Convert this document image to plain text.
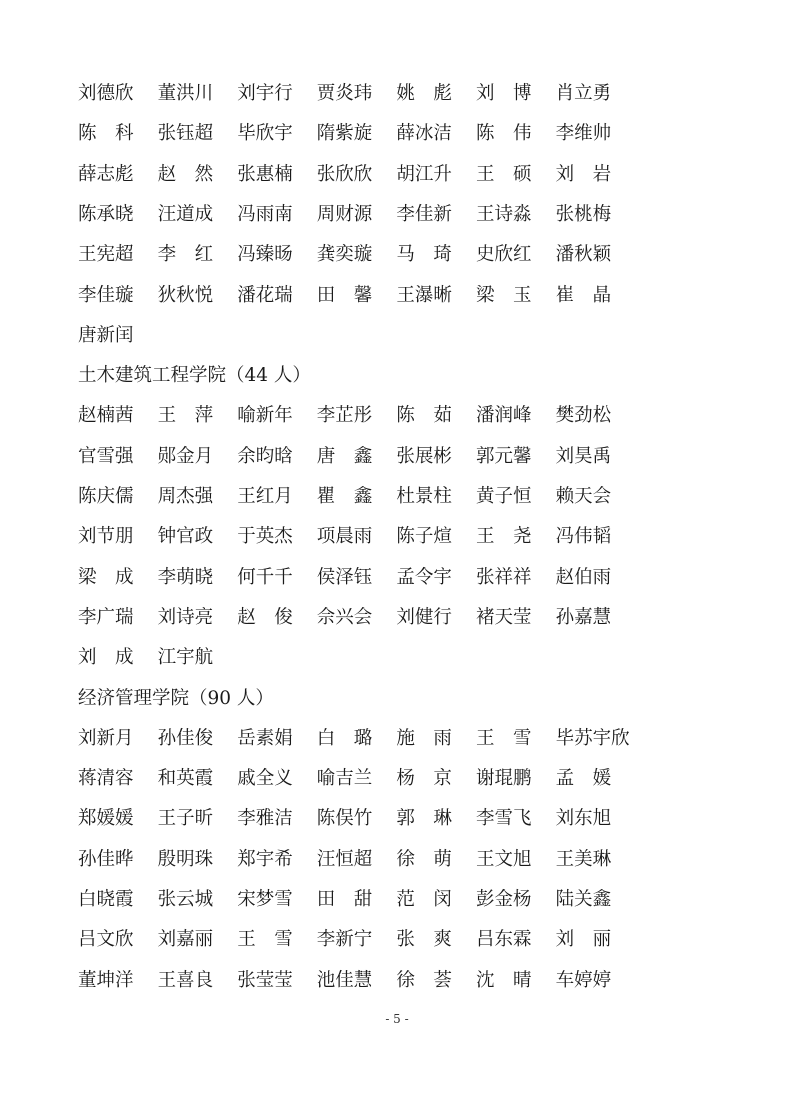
刘德欣	董洪川	刘宇行	贾炎玮	姚　彪	刘　博	肖立勇
陈　科	张钰超	毕欣宇	隋紫旋	薛冰洁	陈　伟	李维帅
薛志彪	赵　然	张惠楠	张欣欣	胡江升	王　硕	刘　岩
陈承晓	汪道成	冯雨南	周财源	李佳新	王诗淼	张桃梅
王宪超	李　红	冯臻旸	龚奕璇	马　琦	史欣红	潘秋颖
李佳璇	狄秋悦	潘花瑞	田　馨	王瀑晰	梁　玉	崔　晶
唐新闰
土木建筑工程学院（44 人）
赵楠茜	王　萍	喻新年	李芷彤	陈　茹	潘润峰	樊劲松
官雪强	郧金月	余昀晗	唐　鑫	张展彬	郭元馨	刘昊禹
陈庆儒	周杰强	王红月	瞿　鑫	杜景柱	黄子恒	赖天会
刘节朋	钟官政	于英杰	项晨雨	陈子煊	王　尧	冯伟韬
梁　成	李萌晓	何千千	侯泽钰	孟令宇	张祥祥	赵伯雨
李广瑞	刘诗亮	赵　俊	佘兴会	刘健行	褚天莹	孙嘉慧
刘　成	江宇航
经济管理学院（90 人）
刘新月	孙佳俊	岳素娟	白　璐	施　雨	王　雪	毕苏宇欣
蒋清容	和英霞	戚全义	喻吉兰	杨　京	谢琨鹏	孟　媛
郑媛媛	王子昕	李雅洁	陈俣竹	郭　琳	李雪飞	刘东旭
孙佳晔	殷明珠	郑宇希	汪恒超	徐　萌	王文旭	王美琳
白晓霞	张云城	宋梦雪	田　甜	范　闵	彭金杨	陆关鑫
吕文欣	刘嘉丽	王　雪	李新宁	张　爽	吕东霖	刘　丽
董坤洋	王喜良	张莹莹	池佳慧	徐　荟	沈　晴	车婷婷
- 5 -
